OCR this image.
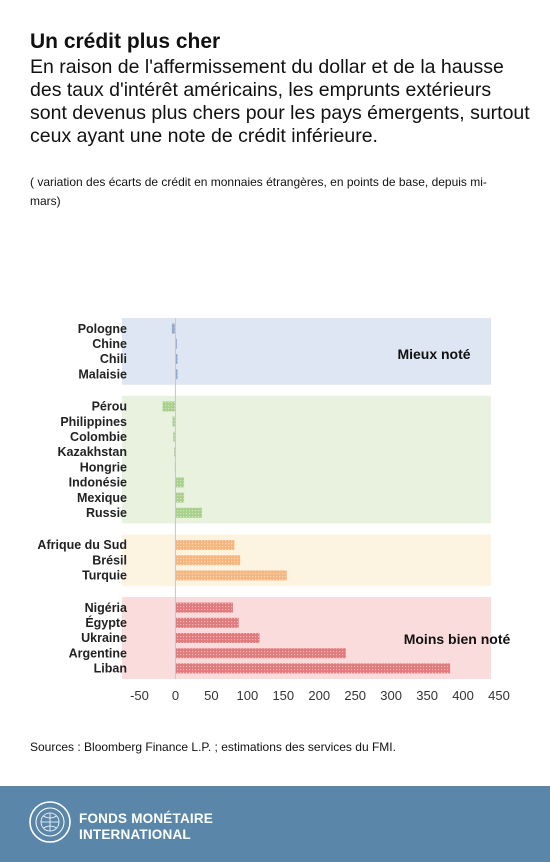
Un crédit plus cher

En raison de l'affermissement du dollar et de la hausse des taux d'intérêt américains, les emprunts extérieurs sont devenus plus chers pour les pays émergents, surtout ceux ayant une note de crédit inférieure.

( variation des écarts de crédit en monnaies étrangères, en points de base, depuis mi-mars)

Pologne
Chine
Chili
Malaisie
Pérou
Philippines
Colombie
Kazakhstan
Hongrie
Indonésie
Mexique
Russie
Afrique du Sud
Brésil
Turquie
Nigéria
Égypte
Ukraine
Argentine
Liban
Mieux noté
Moins bien noté
-50 0 50 100 150 200 250 300 350 400 450

Sources : Bloomberg Finance L.P. ; estimations des services du FMI.

FONDS MONÉTAIRE
INTERNATIONAL
